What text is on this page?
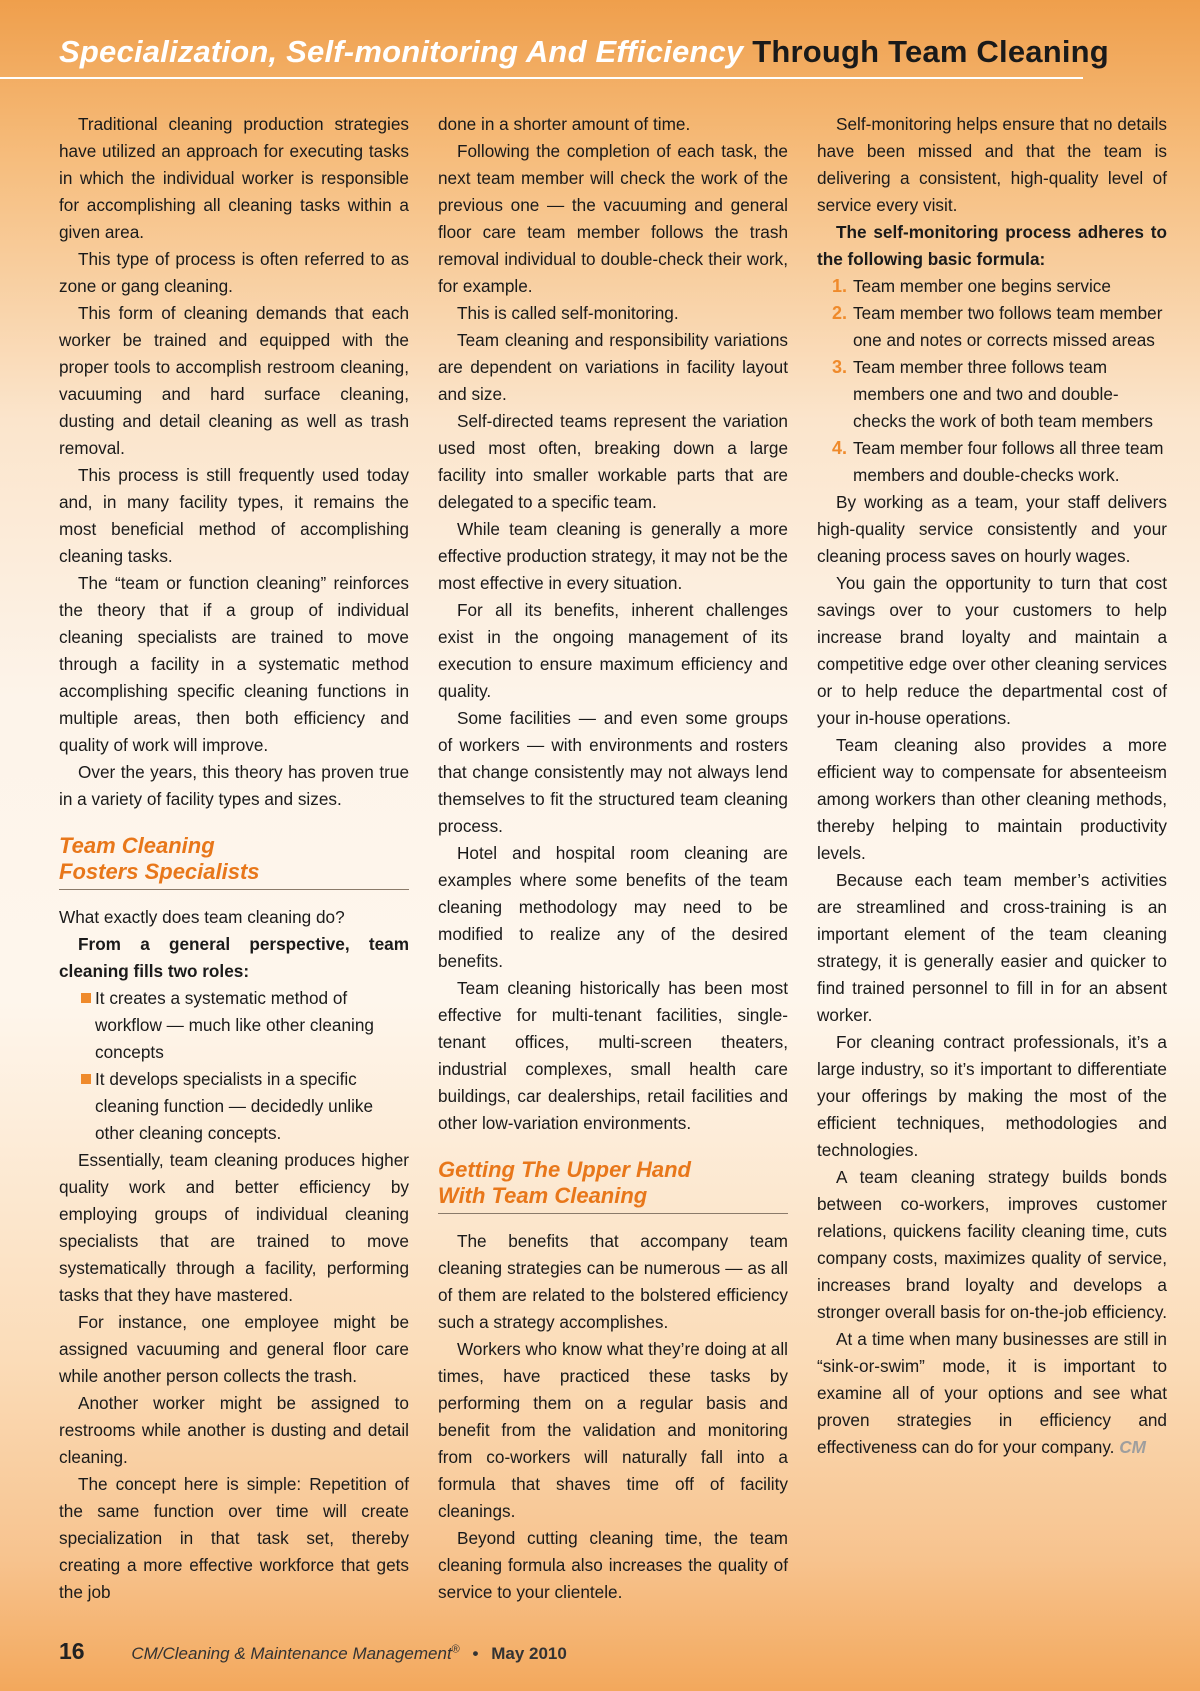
Specialization, Self-monitoring And Efficiency Through Team Cleaning

Traditional cleaning production strategies have utilized an approach for executing tasks in which the individual worker is responsible for accomplishing all cleaning tasks within a given area.

This type of process is often referred to as zone or gang cleaning.

This form of cleaning demands that each worker be trained and equipped with the proper tools to accomplish restroom cleaning, vacuuming and hard surface cleaning, dusting and detail cleaning as well as trash removal.

This process is still frequently used today and, in many facility types, it remains the most beneficial method of accomplishing cleaning tasks.

The “team or function cleaning” reinforces the theory that if a group of individual cleaning specialists are trained to move through a facility in a systematic method accomplishing specific cleaning functions in multiple areas, then both efficiency and quality of work will improve.

Over the years, this theory has proven true in a variety of facility types and sizes.

Team Cleaning
Fosters Specialists

What exactly does team cleaning do?

From a general perspective, team cleaning fills two roles:

It creates a systematic method of workflow — much like other cleaning concepts
It develops specialists in a specific cleaning function — decidedly unlike other cleaning concepts.

Essentially, team cleaning produces higher quality work and better efficiency by employing groups of individual cleaning specialists that are trained to move systematically through a facility, performing tasks that they have mastered.

For instance, one employee might be assigned vacuuming and general floor care while another person collects the trash.

Another worker might be assigned to restrooms while another is dusting and detail cleaning.

The concept here is simple: Repetition of the same function over time will create specialization in that task set, thereby creating a more effective workforce that gets the job

done in a shorter amount of time.

Following the completion of each task, the next team member will check the work of the previous one — the vacuuming and general floor care team member follows the trash removal individual to double-check their work, for example.

This is called self-monitoring.

Team cleaning and responsibility variations are dependent on variations in facility layout and size.

Self-directed teams represent the variation used most often, breaking down a large facility into smaller workable parts that are delegated to a specific team.

While team cleaning is generally a more effective production strategy, it may not be the most effective in every situation.

For all its benefits, inherent challenges exist in the ongoing management of its execution to ensure maximum efficiency and quality.

Some facilities — and even some groups of workers — with environments and rosters that change consistently may not always lend themselves to fit the structured team cleaning process.

Hotel and hospital room cleaning are examples where some benefits of the team cleaning methodology may need to be modified to realize any of the desired benefits.

Team cleaning historically has been most effective for multi-tenant facilities, single-tenant offices, multi-screen theaters, industrial complexes, small health care buildings, car dealerships, retail facilities and other low-variation environments.

Getting The Upper Hand
With Team Cleaning

The benefits that accompany team cleaning strategies can be numerous — as all of them are related to the bolstered efficiency such a strategy accomplishes.

Workers who know what they’re doing at all times, have practiced these tasks by performing them on a regular basis and benefit from the validation and monitoring from co-workers will naturally fall into a formula that shaves time off of facility cleanings.

Beyond cutting cleaning time, the team cleaning formula also increases the quality of service to your clientele.

Self-monitoring helps ensure that no details have been missed and that the team is delivering a consistent, high-quality level of service every visit.

The self-monitoring process adheres to the following basic formula:

1. Team member one begins service
2. Team member two follows team member one and notes or corrects missed areas
3. Team member three follows team members one and two and double-checks the work of both team members
4. Team member four follows all three team members and double-checks work.

By working as a team, your staff delivers high-quality service consistently and your cleaning process saves on hourly wages.

You gain the opportunity to turn that cost savings over to your customers to help increase brand loyalty and maintain a competitive edge over other cleaning services or to help reduce the departmental cost of your in-house operations.

Team cleaning also provides a more efficient way to compensate for absenteeism among workers than other cleaning methods, thereby helping to maintain productivity levels.

Because each team member’s activities are streamlined and cross-training is an important element of the team cleaning strategy, it is generally easier and quicker to find trained personnel to fill in for an absent worker.

For cleaning contract professionals, it’s a large industry, so it’s important to differentiate your offerings by making the most of the efficient techniques, methodologies and technologies.

A team cleaning strategy builds bonds between co-workers, improves customer relations, quickens facility cleaning time, cuts company costs, maximizes quality of service, increases brand loyalty and develops a stronger overall basis for on-the-job efficiency.

At a time when many businesses are still in “sink-or-swim” mode, it is important to examine all of your options and see what proven strategies in efficiency and effectiveness can do for your company. CM

16	CM/Cleaning & Maintenance Management® • May 2010
